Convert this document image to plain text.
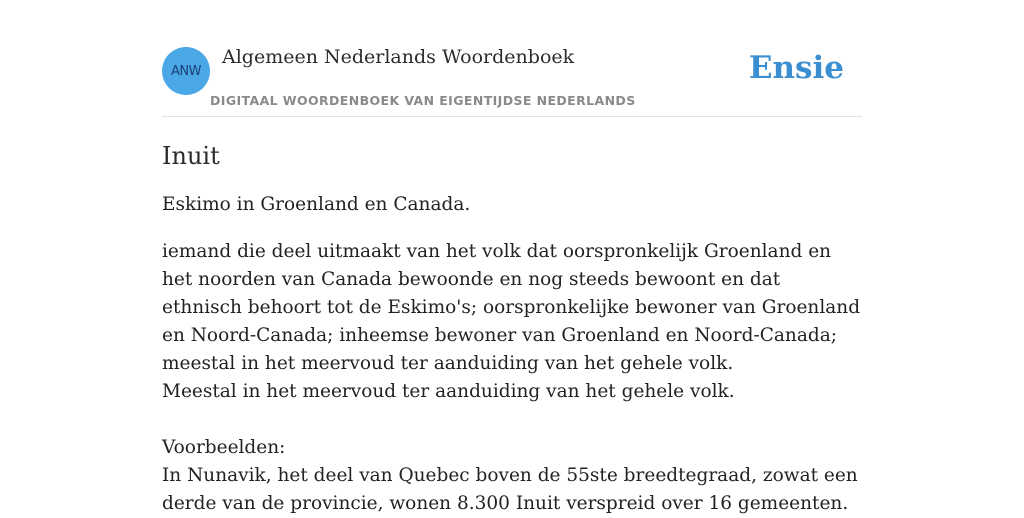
ANW
Algemeen Nederlands Woordenboek
DIGITAAL WOORDENBOEK VAN EIGENTIJDSE NEDERLANDS
Ensie
Inuit

Eskimo in Groenland en Canada.

iemand die deel uitmaakt van het volk dat oorspronkelijk Groenland en het noorden van Canada bewoonde en nog steeds bewoont en dat ethnisch behoort tot de Eskimo's; oorspronkelijke bewoner van Groenland en Noord-Canada; inheemse bewoner van Groenland en Noord-Canada; meestal in het meervoud ter aanduiding van het gehele volk.

Meestal in het meervoud ter aanduiding van het gehele volk.

Voorbeelden:

In Nunavik, het deel van Quebec boven de 55ste breedtegraad, zowat een derde van de provincie, wonen 8.300 Inuit verspreid over 16 gemeenten.
